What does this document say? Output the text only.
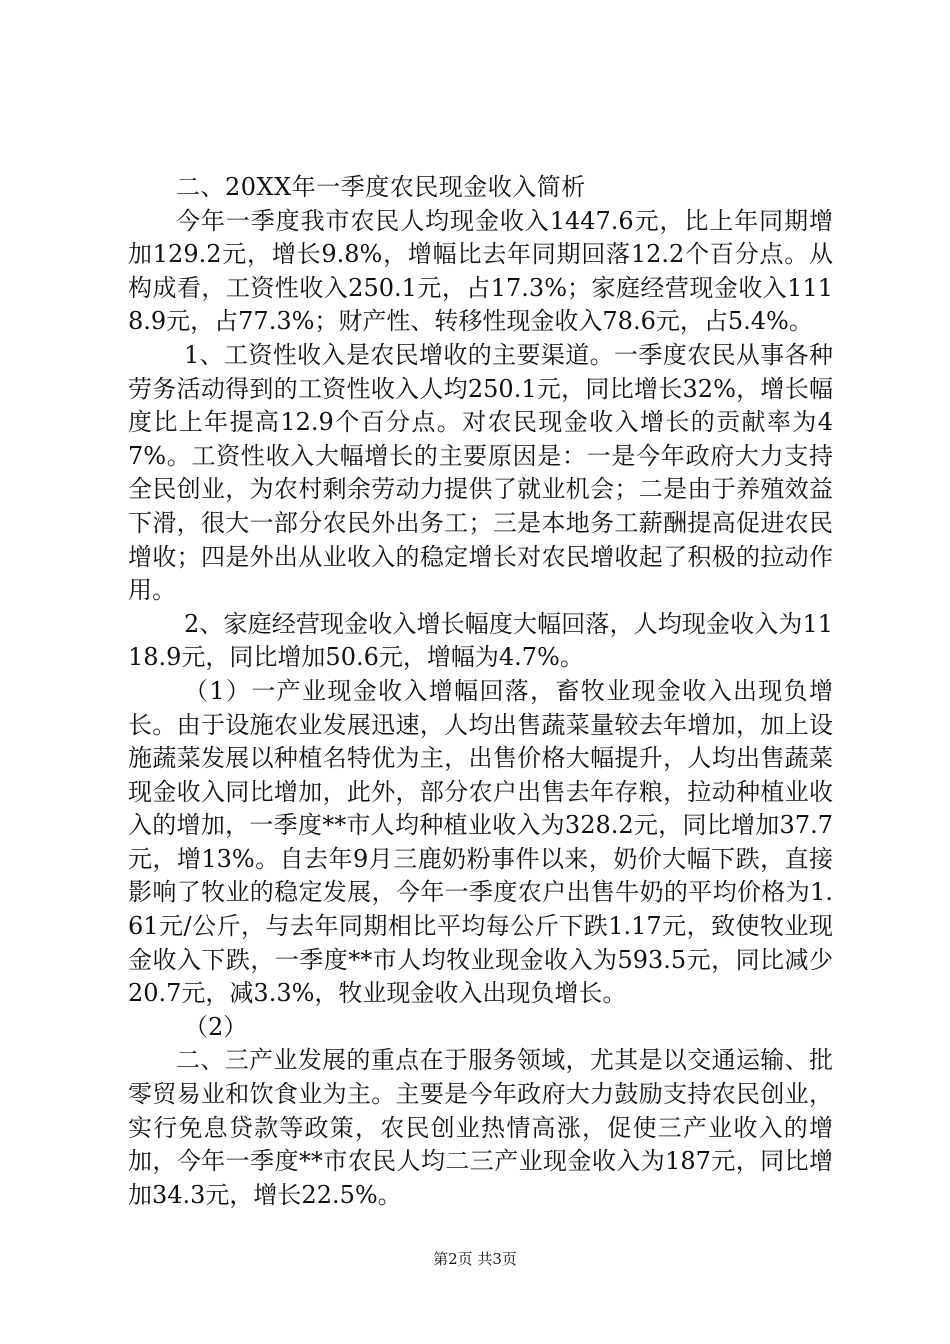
二、20XX年一季度农民现金收入简析

今年一季度我市农民人均现金收入1447.6元，比上年同期增加129.2元，增长9.8%，增幅比去年同期回落12.2个百分点。从构成看，工资性收入250.1元，占17.3%；家庭经营现金收入1118.9元，占77.3%；财产性、转移性现金收入78.6元，占5.4%。

1、工资性收入是农民增收的主要渠道。一季度农民从事各种劳务活动得到的工资性收入人均250.1元，同比增长32%，增长幅度比上年提高12.9个百分点。对农民现金收入增长的贡献率为47%。工资性收入大幅增长的主要原因是：一是今年政府大力支持全民创业，为农村剩余劳动力提供了就业机会；二是由于养殖效益下滑，很大一部分农民外出务工；三是本地务工薪酬提高促进农民增收；四是外出从业收入的稳定增长对农民增收起了积极的拉动作用。

2、家庭经营现金收入增长幅度大幅回落，人均现金收入为1118.9元，同比增加50.6元，增幅为4.7%。

（1）一产业现金收入增幅回落，畜牧业现金收入出现负增长。由于设施农业发展迅速，人均出售蔬菜量较去年增加，加上设施蔬菜发展以种植名特优为主，出售价格大幅提升，人均出售蔬菜现金收入同比增加，此外，部分农户出售去年存粮，拉动种植业收入的增加，一季度**市人均种植业收入为328.2元，同比增加37.7元，增13%。自去年9月三鹿奶粉事件以来，奶价大幅下跌，直接影响了牧业的稳定发展，今年一季度农户出售牛奶的平均价格为1.61元/公斤，与去年同期相比平均每公斤下跌1.17元，致使牧业现金收入下跌，一季度**市人均牧业现金收入为593.5元，同比减少20.7元，减3.3%，牧业现金收入出现负增长。

（2）

二、三产业发展的重点在于服务领域，尤其是以交通运输、批零贸易业和饮食业为主。主要是今年政府大力鼓励支持农民创业，实行免息贷款等政策，农民创业热情高涨，促使三产业收入的增加，今年一季度**市农民人均二三产业现金收入为187元，同比增加34.3元，增长22.5%。

第2页 共3页
